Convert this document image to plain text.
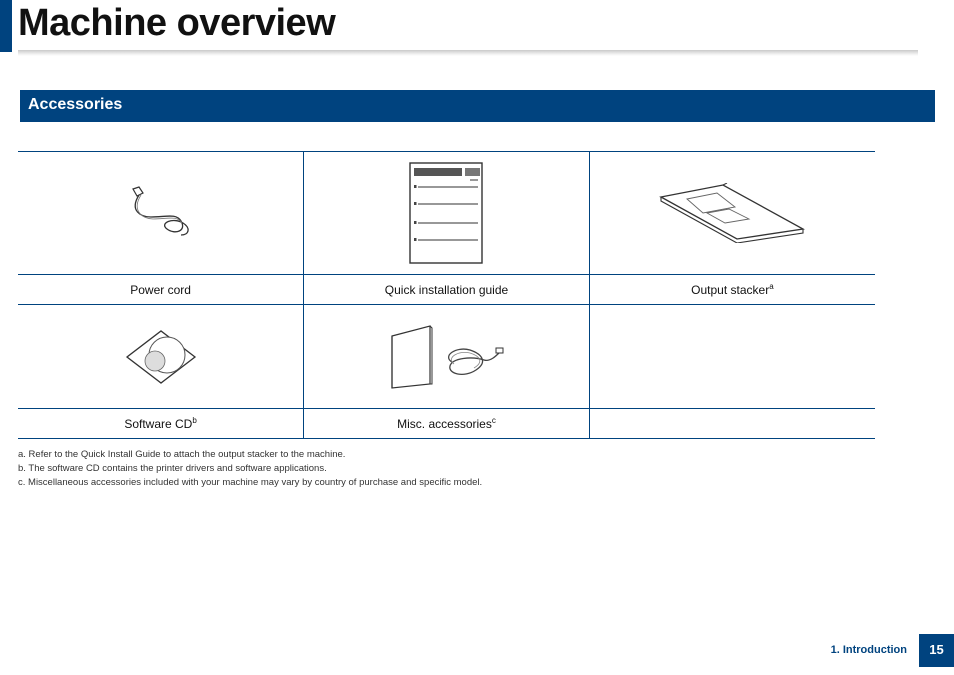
Machine overview
Accessories

Power cord	Quick installation guide	Output stacker$^a$

Software $CD^b$	Misc. accessories$^c$	

a. Refer to the Quick Install Guide to attach the output stacker to the machine.

b. The software CD contains the printer drivers and software applications.

c. Miscellaneous accessories included with your machine may vary by country of purchase and specific model.

1. Introduction	15
